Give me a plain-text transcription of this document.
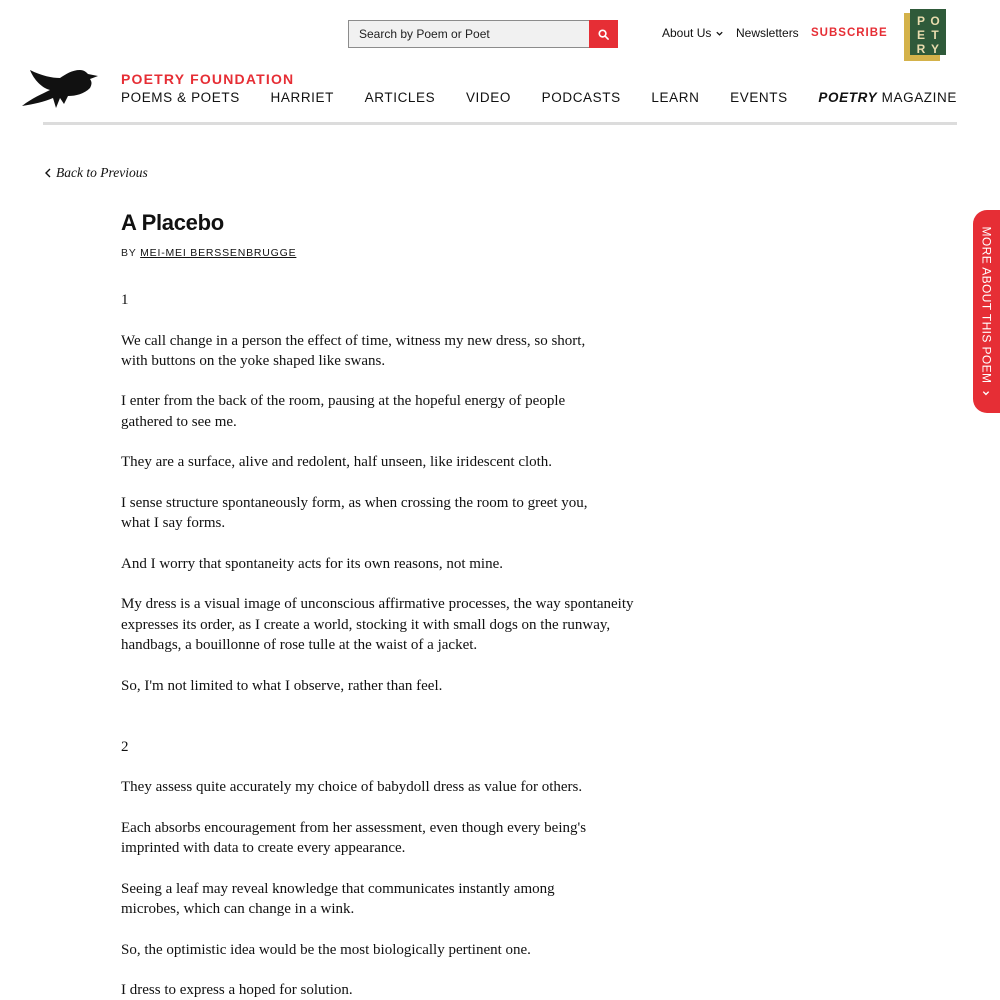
Search by Poem or Poet
About Us Newsletters SUBSCRIBE
P O
E T
R Y
POETRY FOUNDATION
POEMS & POETS HARRIET ARTICLES VIDEO PODCASTS LEARN EVENTS POETRY MAGAZINE
Back to Previous
A Placebo
BY MEI-MEI BERSSENBRUGGE
1
We call change in a person the effect of time, witness my new dress, so short,
with buttons on the yoke shaped like swans.
I enter from the back of the room, pausing at the hopeful energy of people
gathered to see me.
They are a surface, alive and redolent, half unseen, like iridescent cloth.
I sense structure spontaneously form, as when crossing the room to greet you,
what I say forms.
And I worry that spontaneity acts for its own reasons, not mine.
My dress is a visual image of unconscious affirmative processes, the way spontaneity
expresses its order, as I create a world, stocking it with small dogs on the runway,
handbags, a bouillonne of rose tulle at the waist of a jacket.
So, I'm not limited to what I observe, rather than feel.
2
They assess quite accurately my choice of babydoll dress as value for others.
Each absorbs encouragement from her assessment, even though every being's
imprinted with data to create every appearance.
Seeing a leaf may reveal knowledge that communicates instantly among
microbes, which can change in a wink.
So, the optimistic idea would be the most biologically pertinent one.
I dress to express a hoped for solution.
MORE ABOUT THIS POEM
